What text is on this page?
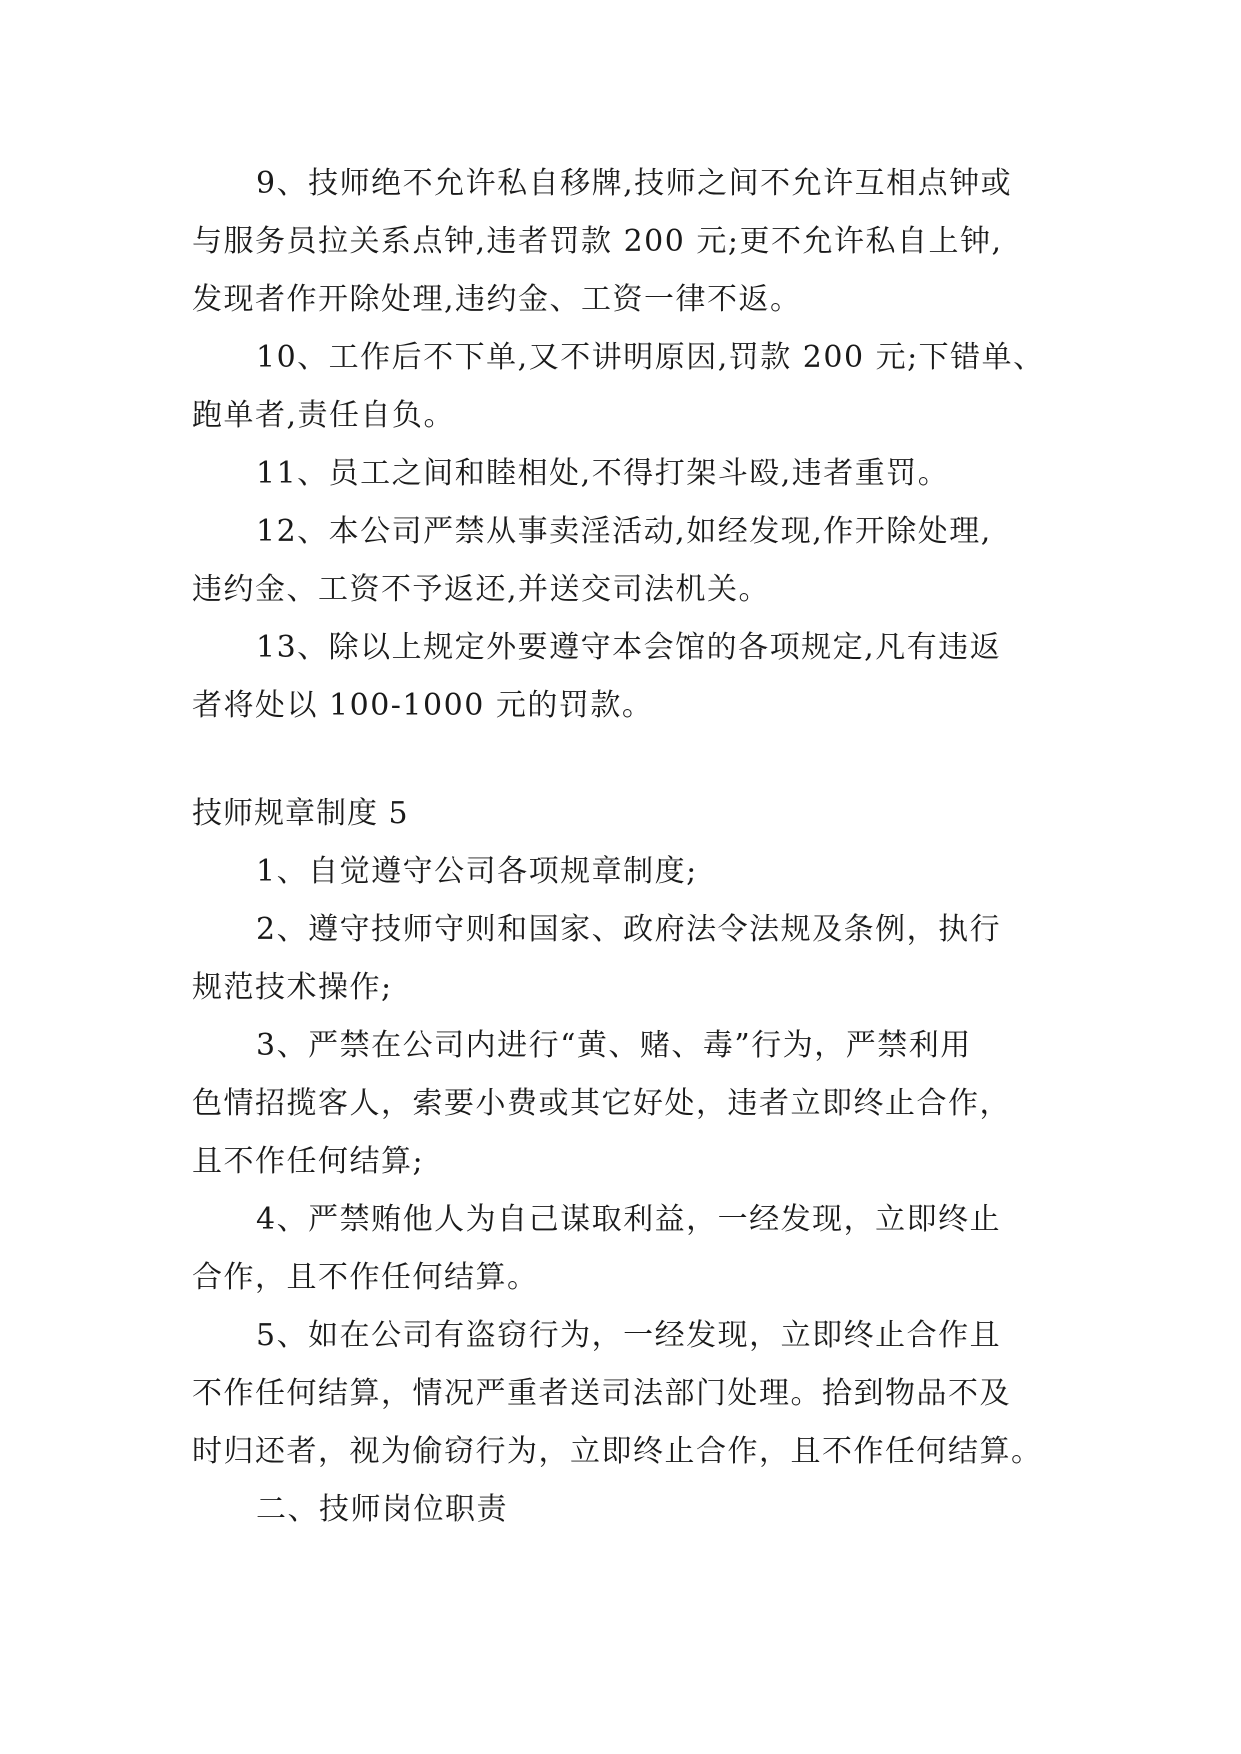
9、技师绝不允许私自移牌,技师之间不允许互相点钟或
与服务员拉关系点钟,违者罚款 200 元;更不允许私自上钟,
发现者作开除处理,违约金、工资一律不返。
10、工作后不下单,又不讲明原因,罚款 200 元;下错单、
跑单者,责任自负。
11、员工之间和睦相处,不得打架斗殴,违者重罚。
12、本公司严禁从事卖淫活动,如经发现,作开除处理,
违约金、工资不予返还,并送交司法机关。
13、除以上规定外要遵守本会馆的各项规定,凡有违返
者将处以 100-1000 元的罚款。
技师规章制度 5
1、自觉遵守公司各项规章制度;
2、遵守技师守则和国家、政府法令法规及条例，执行
规范技术操作;
3、严禁在公司内进行“黄、赌、毒”行为，严禁利用
色情招揽客人，索要小费或其它好处，违者立即终止合作，
且不作任何结算;
4、严禁贿他人为自己谋取利益，一经发现，立即终止
合作，且不作任何结算。
5、如在公司有盗窃行为，一经发现，立即终止合作且
不作任何结算，情况严重者送司法部门处理。拾到物品不及
时归还者，视为偷窃行为，立即终止合作，且不作任何结算。
二、技师岗位职责
